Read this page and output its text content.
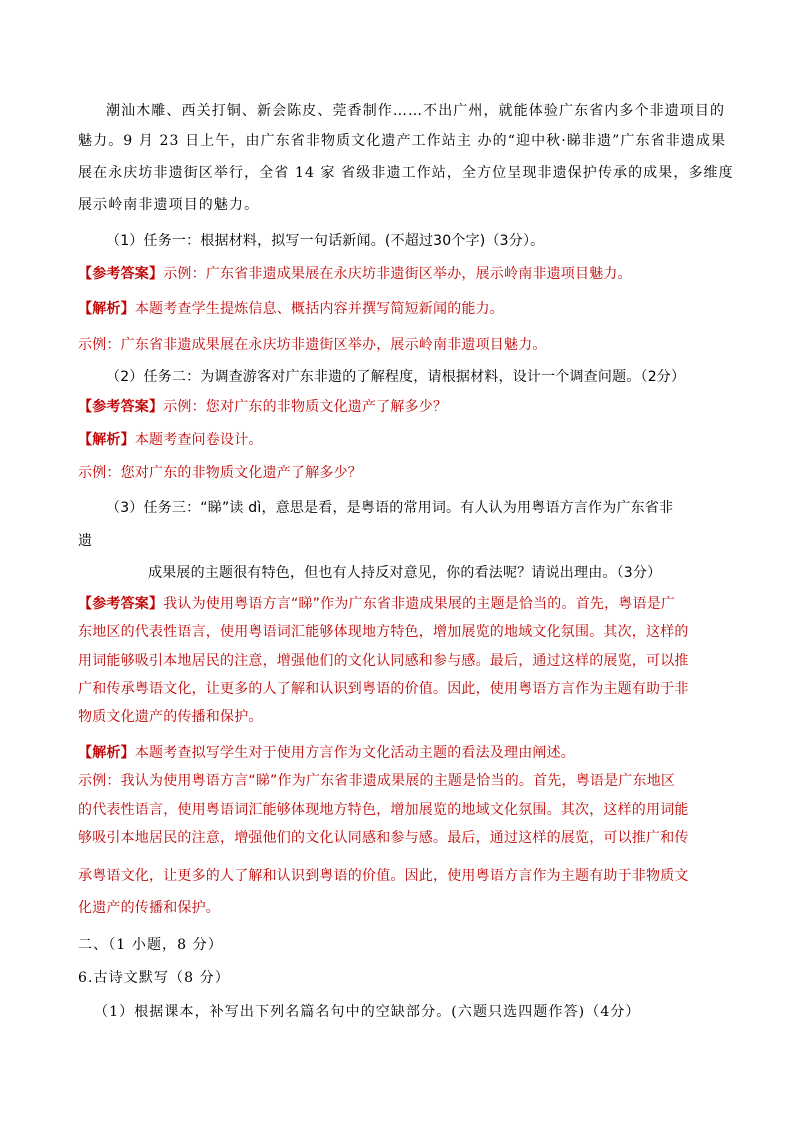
潮汕木雕、西关打铜、新会陈皮、莞香制作……不出广州，就能体验广东省内多个非遗项目的
魅力。9 月 23 日上午，由广东省非物质文化遗产工作站主 办的“迎中秋·睇非遗”广东省非遗成果
展在永庆坊非遗街区举行，全省 14 家 省级非遗工作站，全方位呈现非遗保护传承的成果，多维度
展示岭南非遗项目的魅力。
（1）任务一：根据材料，拟写一句话新闻。(不超过30个字)（3分）。
【参考答案】示例：广东省非遗成果展在永庆坊非遗街区举办，展示岭南非遗项目魅力。
【解析】本题考查学生提炼信息、概括内容并撰写简短新闻的能力。
示例：广东省非遗成果展在永庆坊非遗街区举办，展示岭南非遗项目魅力。
（2）任务二：为调查游客对广东非遗的了解程度，请根据材料，设计一个调查问题。（2分）
【参考答案】示例：您对广东的非物质文化遗产了解多少？
【解析】本题考查问卷设计。
示例：您对广东的非物质文化遗产了解多少？
（3）任务三：“睇”读 dì，意思是看，是粤语的常用词。有人认为用粤语方言作为广东省非
遗
成果展的主题很有特色，但也有人持反对意见，你的看法呢？请说出理由。（3分）
【参考答案】我认为使用粤语方言“睇”作为广东省非遗成果展的主题是恰当的。首先，粤语是广
东地区的代表性语言，使用粤语词汇能够体现地方特色，增加展览的地域文化氛围。其次，这样的
用词能够吸引本地居民的注意，增强他们的文化认同感和参与感。最后，通过这样的展览，可以推
广和传承粤语文化，让更多的人了解和认识到粤语的价值。因此，使用粤语方言作为主题有助于非
物质文化遗产的传播和保护。
【解析】本题考查拟写学生对于使用方言作为文化活动主题的看法及理由阐述。
示例：我认为使用粤语方言“睇”作为广东省非遗成果展的主题是恰当的。首先，粤语是广东地区
的代表性语言，使用粤语词汇能够体现地方特色，增加展览的地域文化氛围。其次，这样的用词能
够吸引本地居民的注意，增强他们的文化认同感和参与感。最后，通过这样的展览，可以推广和传
承粤语文化，让更多的人了解和认识到粤语的价值。因此，使用粤语方言作为主题有助于非物质文
化遗产的传播和保护。
二、（1 小题，8 分）
6.古诗文默写（8 分）
（1）根据课本，补写出下列名篇名句中的空缺部分。(六题只选四题作答)（4分）
